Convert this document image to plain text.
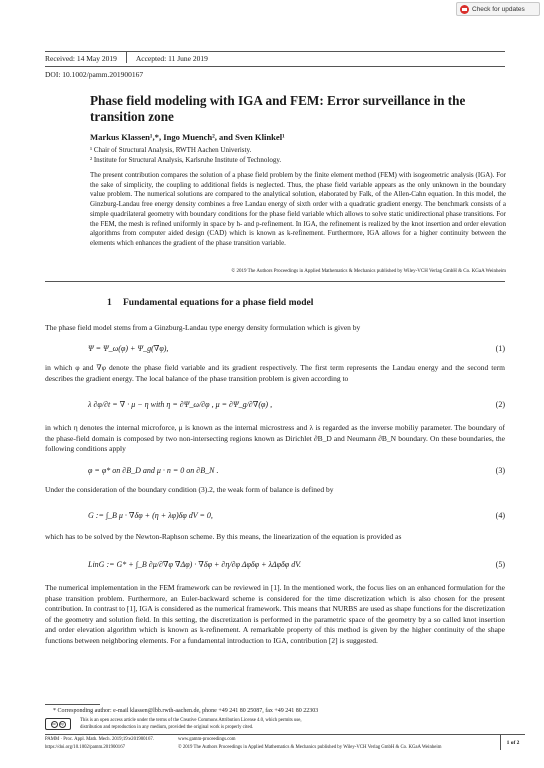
Check for updates
Received: 14 May 2019	Accepted: 11 June 2019
DOI: 10.1002/pamm.201900167
Phase field modeling with IGA and FEM: Error surveillance in the transition zone
Markus Klassen¹,*, Ingo Muench², and Sven Klinkel¹
¹ Chair of Structural Analysis, RWTH Aachen Univeristy.
² Institute for Structural Analysis, Karlsruhe Institute of Technology.
The present contribution compares the solution of a phase field problem by the finite element method (FEM) with isogeometric analysis (IGA). For the sake of simplicity, the coupling to additional fields is neglected. Thus, the phase field variable appears as the only unknown in the boundary value problem. The numerical solutions are compared to the analytical solution, elaborated by Falk, of the Allen-Cahn equation. In this model, the Ginzburg-Landau free energy density combines a free Landau energy of sixth order with a quadratic gradient energy. The benchmark consists of a simple quadrilateral geometry with boundary conditions for the phase field variable which allows to solve static unidirectional phase transitions. For the FEM, the mesh is refined uniformly in space by h- and p-refinement. In IGA, the refinement is realized by the knot insertion and order elevation algorithms from computer aided design (CAD) which is known as k-refinement. Furthermore, IGA allows for a higher continuity between the elements which enhances the gradient of the phase transition variable.
© 2019 The Authors Proceedings in Applied Mathematics & Mechanics published by Wiley-VCH Verlag GmbH & Co. KGaA Weinheim
1 Fundamental equations for a phase field model
The phase field model stems from a Ginzburg-Landau type energy density formulation which is given by
Ψ = Ψ_ω(φ) + Ψ_g(∇φ),	(1)
in which φ and ∇φ denote the phase field variable and its gradient respectively. The first term represents the Landau energy and the second term describes the gradient energy. The local balance of the phase transition problem is given according to
λ ∂φ/∂t = ∇ · μ − η with η = ∂Ψ_ω/∂φ , μ = ∂Ψ_g/∂∇(φ) ,	(2)
in which η denotes the internal microforce, μ is known as the internal microstress and λ is regarded as the inverse mobiliy parameter. The boundary of the phase-field domain is composed by two non-intersecting regions known as Dirichlet ∂B_D and Neumann ∂B_N boundary. On these boundaries, the following conditions apply
φ = φ* on ∂B_D and μ · n = 0 on ∂B_N .	(3)
Under the consideration of the boundary condition (3).2, the weak form of balance is defined by
G := ∫_B μ · ∇δφ + (η + λφ̇)δφ dV = 0,	(4)
which has to be solved by the Newton-Raphson scheme. By this means, the linearization of the equation is provided as
LinG := G* + ∫_B ∂μ/∂∇φ ∇Δφ) · ∇δφ + ∂η/∂φ Δφδφ + λΔφ̇δφ dV.	(5)
The numerical implementation in the FEM framework can be reviewed in [1]. In the mentioned work, the focus lies on an enhanced formulation for the phase transition problem. Furthermore, an Euler-backward scheme is considered for the time discretization which is also chosen for the present contribution. In contrast to [1], IGA is considered as the numerical framework. This means that NURBS are used as shape functions for the discretization of the geometry and solution field. In this setting, the discretization is performed in the parametric space of the geometry by a so called knot insertion and order elevation algorithm which is known as k-refinement. A remarkable property of this method is given by the higher continuity of the shape functions between neighboring elements. For a fundamental introduction to IGA, contribution [2] is suggested.
* Corresponding author: e-mail klassen@lbb.rwth-aachen.de, phone +49 241 80 25087, fax +49 241 80 22303
cc	by
This is an open access article under the terms of the Creative Commons Attribution License 4.0, which permits use,
distribution and reproduction in any medium, provided the original work is properly cited.
PAMM · Proc. Appl. Math. Mech. 2019;19:e201900167.	www.gamm-proceedings.com
https://doi.org/10.1002/pamm.201900167	© 2019 The Authors Proceedings in Applied Mathematics & Mechanics published by Wiley-VCH Verlag GmbH & Co. KGaA Weinheim
1 of 2
